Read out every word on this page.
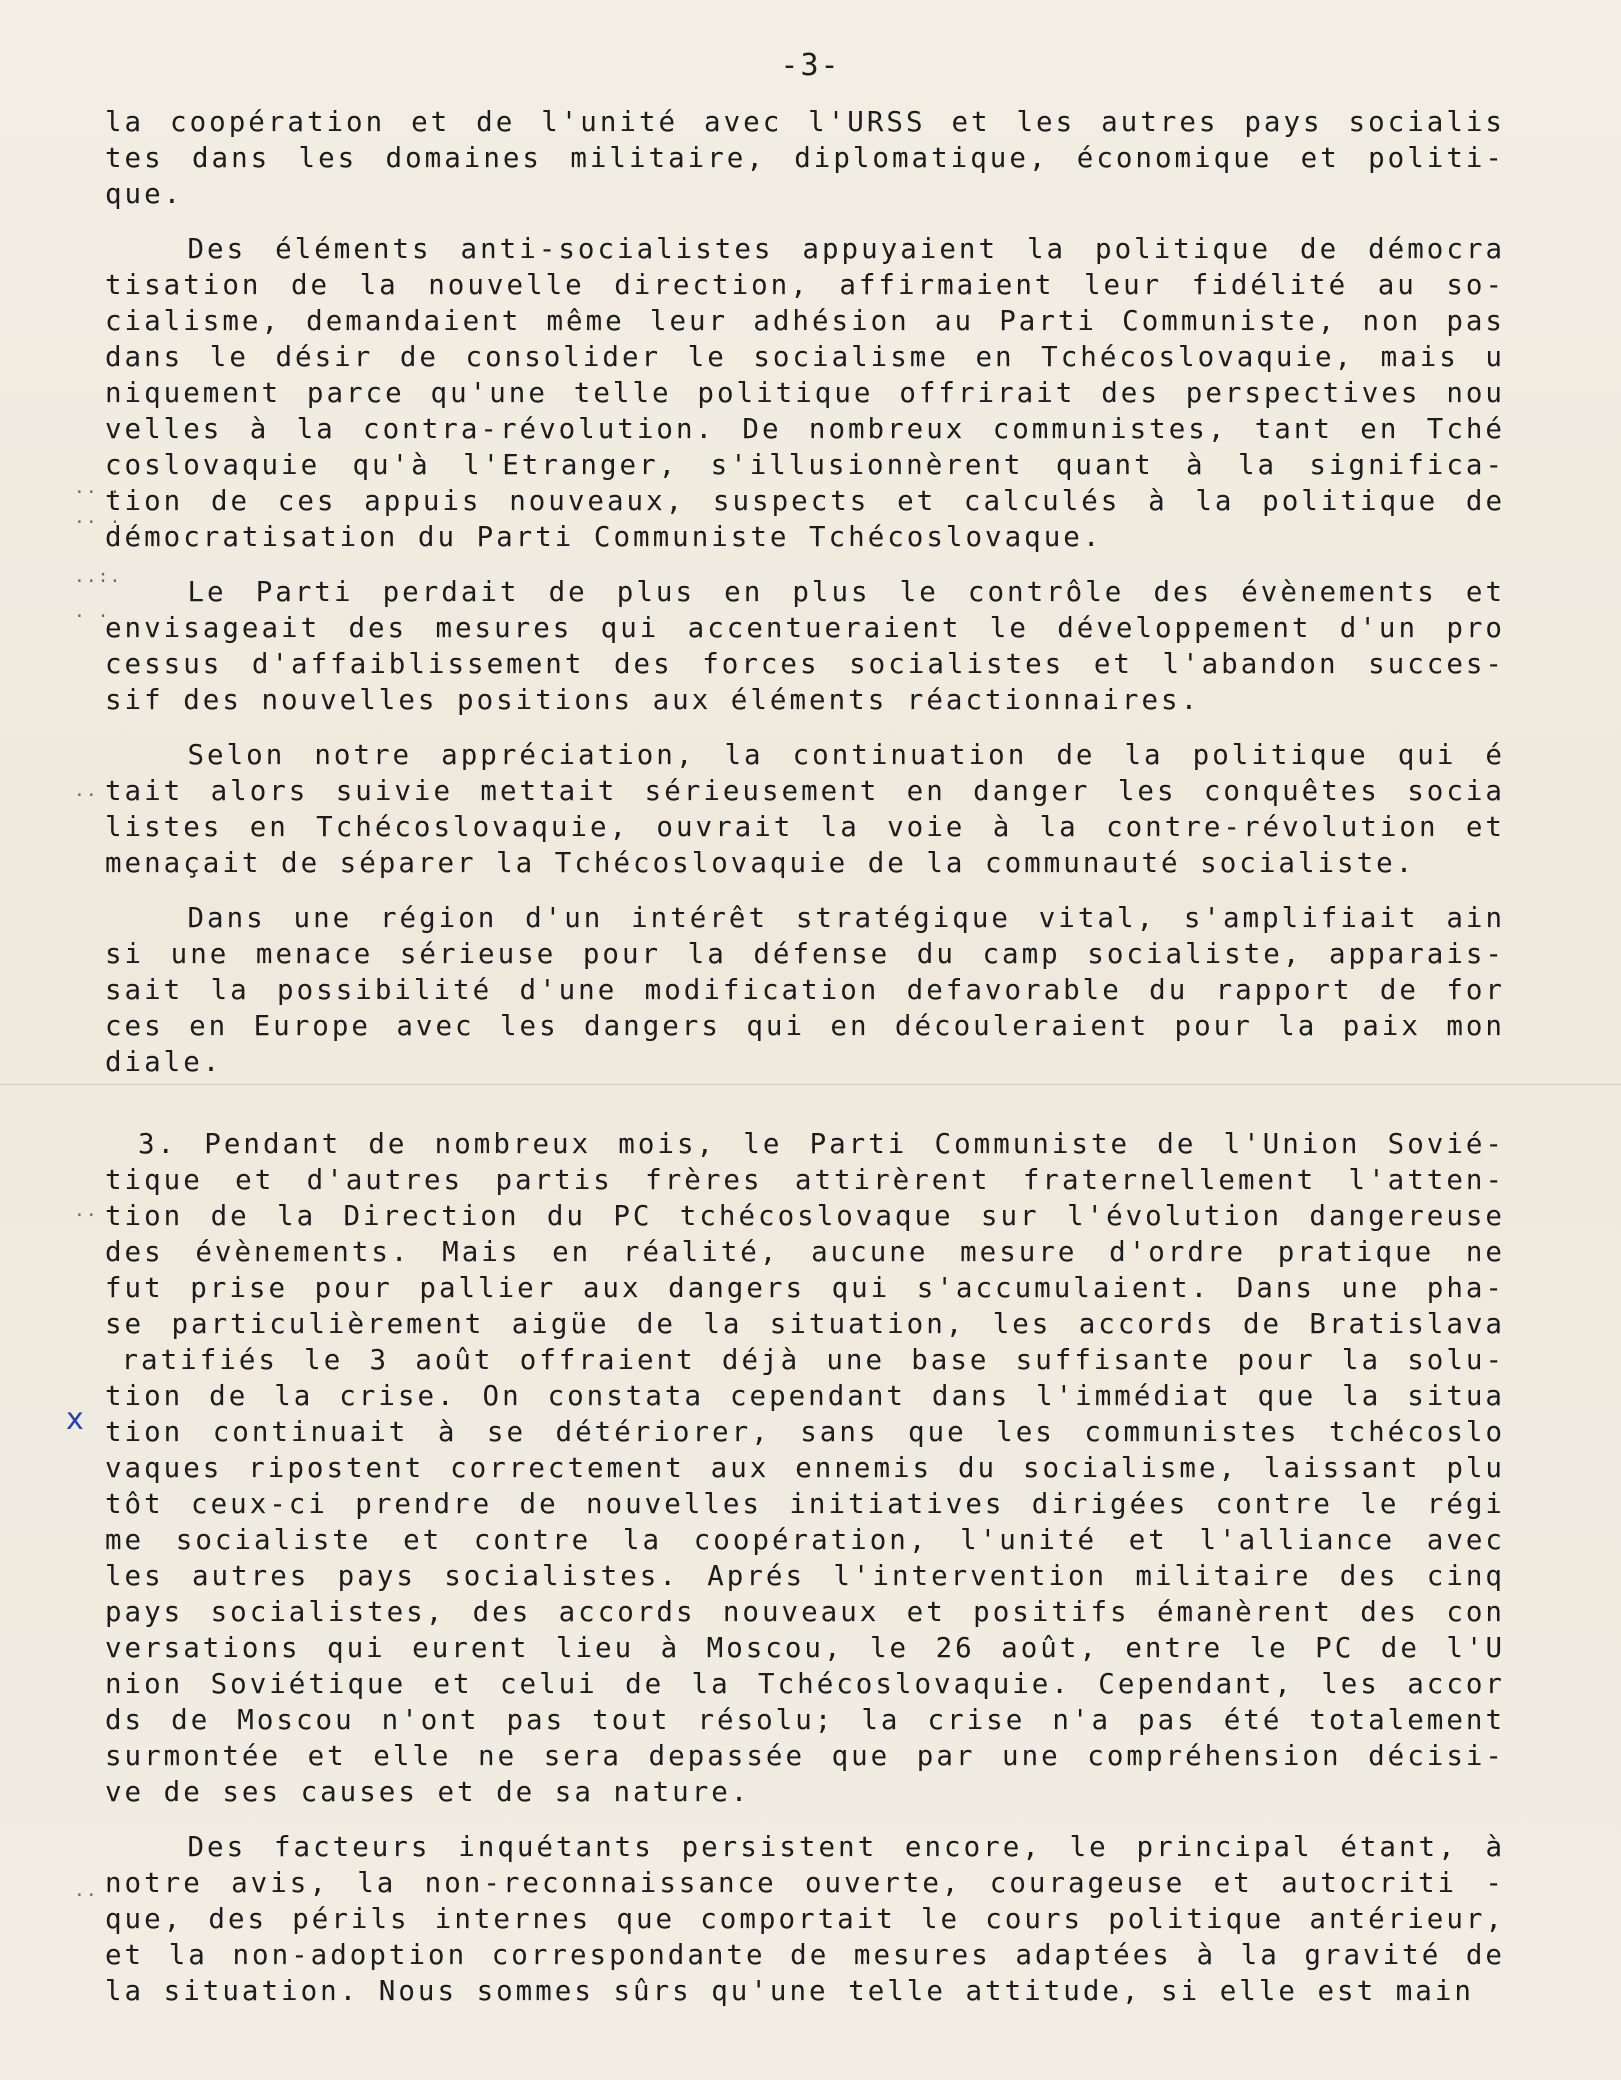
-3-
x
.. .
.. .
..:.
. .
..
..
..
la coopération et de l'unité avec l'URSS et les autres pays socialis
tes dans les domaines militaire, diplomatique, économique et politi-
que.
Des éléments anti-socialistes appuyaient la politique de démocra
tisation de la nouvelle direction, affirmaient leur fidélité au so-
cialisme, demandaient même leur adhésion au Parti Communiste, non pas
dans le désir de consolider le socialisme en Tchécoslovaquie, mais u
niquement parce qu'une telle politique offrirait des perspectives nou
velles à la contra-révolution. De nombreux communistes, tant en Tché
coslovaquie qu'à l'Etranger, s'illusionnèrent quant à la significa-
tion de ces appuis nouveaux, suspects et calculés à la politique de
démocratisation du Parti Communiste Tchécoslovaque.
Le Parti perdait de plus en plus le contrôle des évènements et
envisageait des mesures qui accentueraient le développement d'un pro
cessus d'affaiblissement des forces socialistes et l'abandon succes-
sif des nouvelles positions aux éléments réactionnaires.
Selon notre appréciation, la continuation de la politique qui é
tait alors suivie mettait sérieusement en danger les conquêtes socia
listes en Tchécoslovaquie, ouvrait la voie à la contre-révolution et
menaçait de séparer la Tchécoslovaquie de la communauté socialiste.
Dans une région d'un intérêt stratégique vital, s'amplifiait ain
si une menace sérieuse pour la défense du camp socialiste, apparais-
sait la possibilité d'une modification defavorable du rapport de for
ces en Europe avec les dangers qui en découleraient pour la paix mon
diale.
3. Pendant de nombreux mois, le Parti Communiste de l'Union Sovié-
tique et d'autres partis frères attirèrent fraternellement l'atten-
tion de la Direction du PC tchécoslovaque sur l'évolution dangereuse
des évènements. Mais en réalité, aucune mesure d'ordre pratique ne
fut prise pour pallier aux dangers qui s'accumulaient. Dans une pha-
se particulièrement aigüe de la situation, les accords de Bratislava
ratifiés le 3 août offraient déjà une base suffisante pour la solu-
tion de la crise. On constata cependant dans l'immédiat que la situa
tion continuait à se détériorer, sans que les communistes tchécoslo
vaques ripostent correctement aux ennemis du socialisme, laissant plu
tôt ceux-ci prendre de nouvelles initiatives dirigées contre le régi
me socialiste et contre la coopération, l'unité et l'alliance avec
les autres pays socialistes. Aprés l'intervention militaire des cinq
pays socialistes, des accords nouveaux et positifs émanèrent des con
versations qui eurent lieu à Moscou, le 26 août, entre le PC de l'U
nion Soviétique et celui de la Tchécoslovaquie. Cependant, les accor
ds de Moscou n'ont pas tout résolu; la crise n'a pas été totalement
surmontée et elle ne sera depassée que par une compréhension décisi-
ve de ses causes et de sa nature.
Des facteurs inquétants persistent encore, le principal étant, à
notre avis, la non-reconnaissance ouverte, courageuse et autocriti -
que, des périls internes que comportait le cours politique antérieur,
et la non-adoption correspondante de mesures adaptées à la gravité de
la situation. Nous sommes sûrs qu'une telle attitude, si elle est main
